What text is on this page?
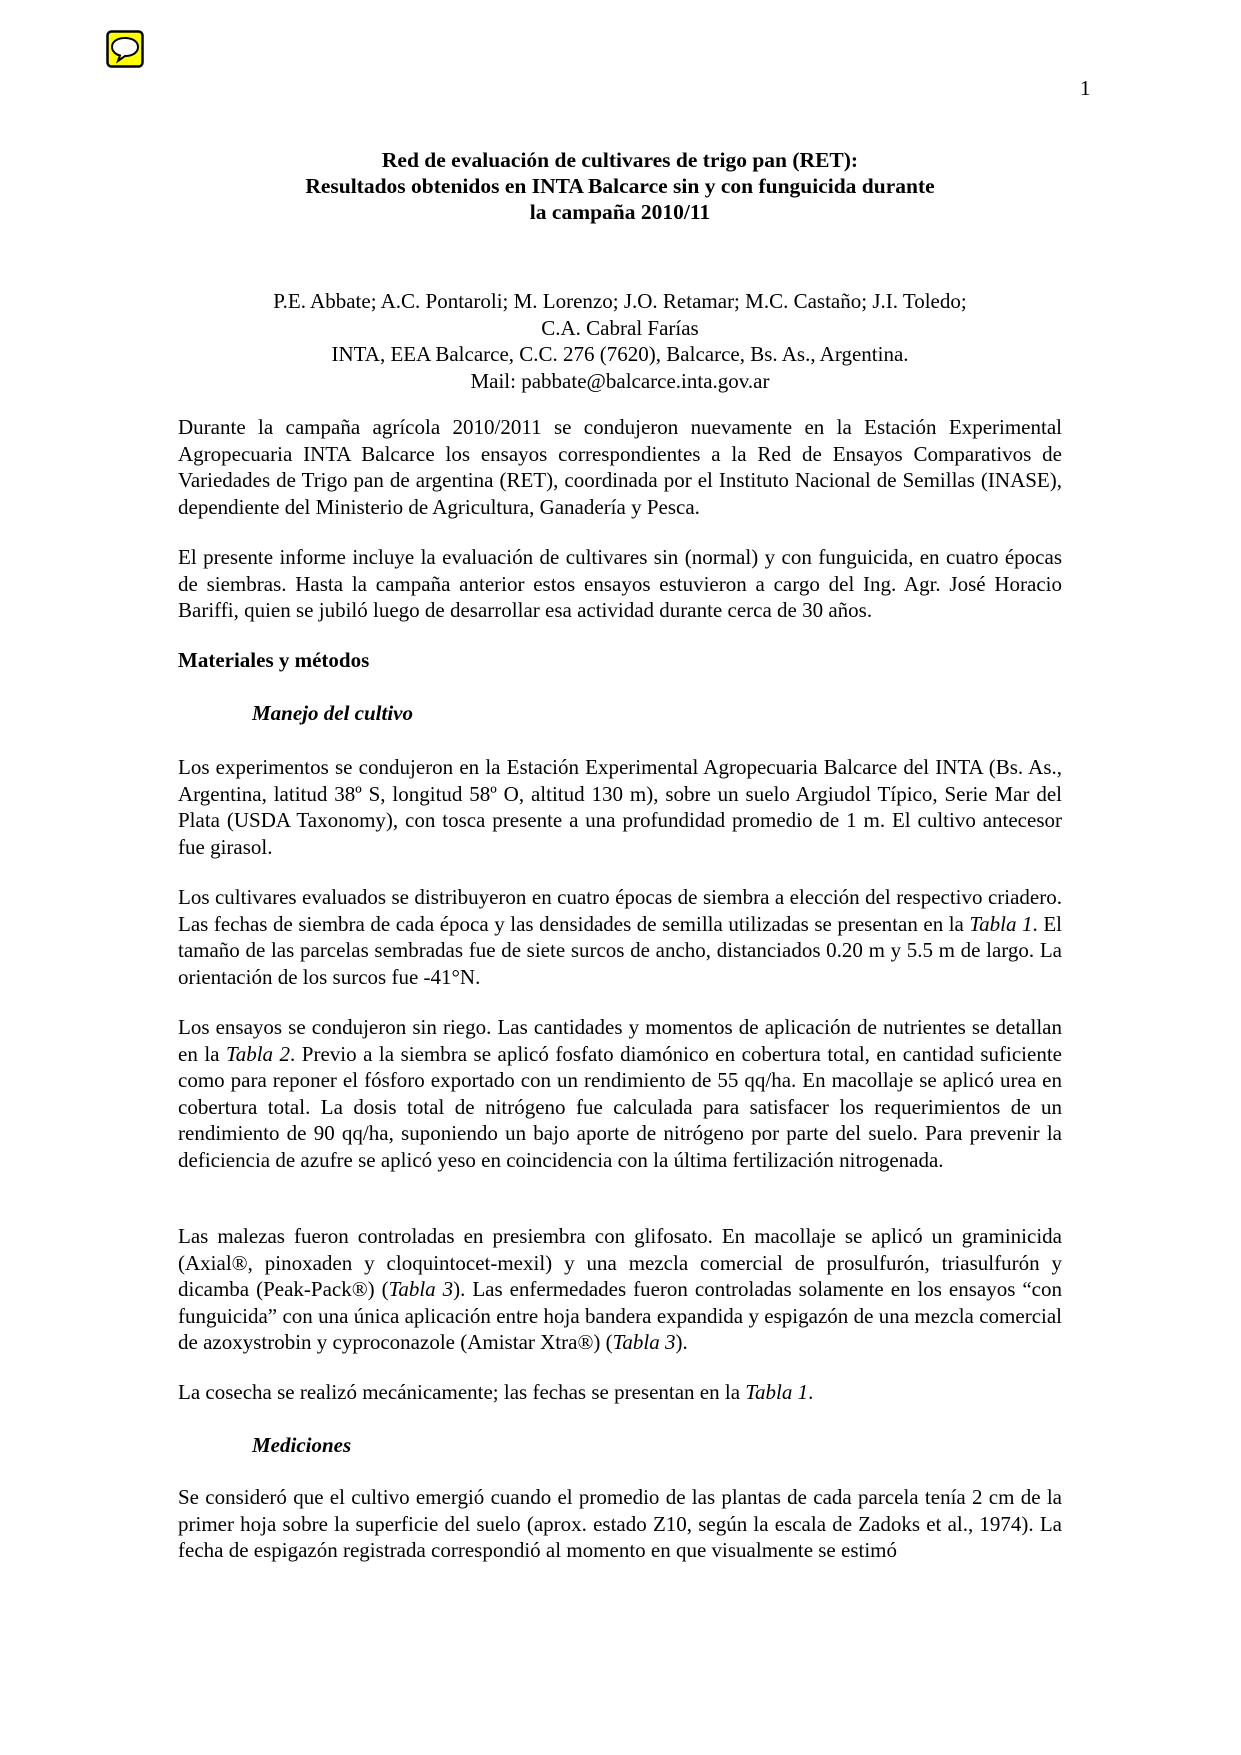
1
Red de evaluación de cultivares de trigo pan (RET):
Resultados obtenidos en INTA Balcarce sin y con funguicida durante
la campaña 2010/11
P.E. Abbate; A.C. Pontaroli; M. Lorenzo; J.O. Retamar; M.C. Castaño; J.I. Toledo;
C.A. Cabral Farías
INTA, EEA Balcarce, C.C. 276 (7620), Balcarce, Bs. As., Argentina.
Mail: pabbate@balcarce.inta.gov.ar

Durante la campaña agrícola 2010/2011 se condujeron nuevamente en la Estación Experimental Agropecuaria INTA Balcarce los ensayos correspondientes a la Red de Ensayos Comparativos de Variedades de Trigo pan de argentina (RET), coordinada por el Instituto Nacional de Semillas (INASE), dependiente del Ministerio de Agricultura, Ganadería y Pesca.

El presente informe incluye la evaluación de cultivares sin (normal) y con funguicida, en cuatro épocas de siembras. Hasta la campaña anterior estos ensayos estuvieron a cargo del Ing. Agr. José Horacio Bariffi, quien se jubiló luego de desarrollar esa actividad durante cerca de 30 años.

Materiales y métodos

Manejo del cultivo

Los experimentos se condujeron en la Estación Experimental Agropecuaria Balcarce del INTA (Bs. As., Argentina, latitud 38º S, longitud 58º O, altitud 130 m), sobre un suelo Argiudol Típico, Serie Mar del Plata (USDA Taxonomy), con tosca presente a una profundidad promedio de 1 m. El cultivo antecesor fue girasol.

Los cultivares evaluados se distribuyeron en cuatro épocas de siembra a elección del respectivo criadero. Las fechas de siembra de cada época y las densidades de semilla utilizadas se presentan en la Tabla 1. El tamaño de las parcelas sembradas fue de siete surcos de ancho, distanciados 0.20 m y 5.5 m de largo. La orientación de los surcos fue -41°N.

Los ensayos se condujeron sin riego. Las cantidades y momentos de aplicación de nutrientes se detallan en la Tabla 2. Previo a la siembra se aplicó fosfato diamónico en cobertura total, en cantidad suficiente como para reponer el fósforo exportado con un rendimiento de 55 qq/ha. En macollaje se aplicó urea en cobertura total. La dosis total de nitrógeno fue calculada para satisfacer los requerimientos de un rendimiento de 90 qq/ha, suponiendo un bajo aporte de nitrógeno por parte del suelo. Para prevenir la deficiencia de azufre se aplicó yeso en coincidencia con la última fertilización nitrogenada.

Las malezas fueron controladas en presiembra con glifosato. En macollaje se aplicó un graminicida (Axial®, pinoxaden y cloquintocet-mexil) y una mezcla comercial de prosulfurón, triasulfurón y dicamba (Peak-Pack®) (Tabla 3). Las enfermedades fueron controladas solamente en los ensayos “con funguicida” con una única aplicación entre hoja bandera expandida y espigazón de una mezcla comercial de azoxystrobin y cyproconazole (Amistar Xtra®) (Tabla 3).

La cosecha se realizó mecánicamente; las fechas se presentan en la Tabla 1.

Mediciones

Se consideró que el cultivo emergió cuando el promedio de las plantas de cada parcela tenía 2 cm de la primer hoja sobre la superficie del suelo (aprox. estado Z10, según la escala de Zadoks et al., 1974). La fecha de espigazón registrada correspondió al momento en que visualmente se estimó
